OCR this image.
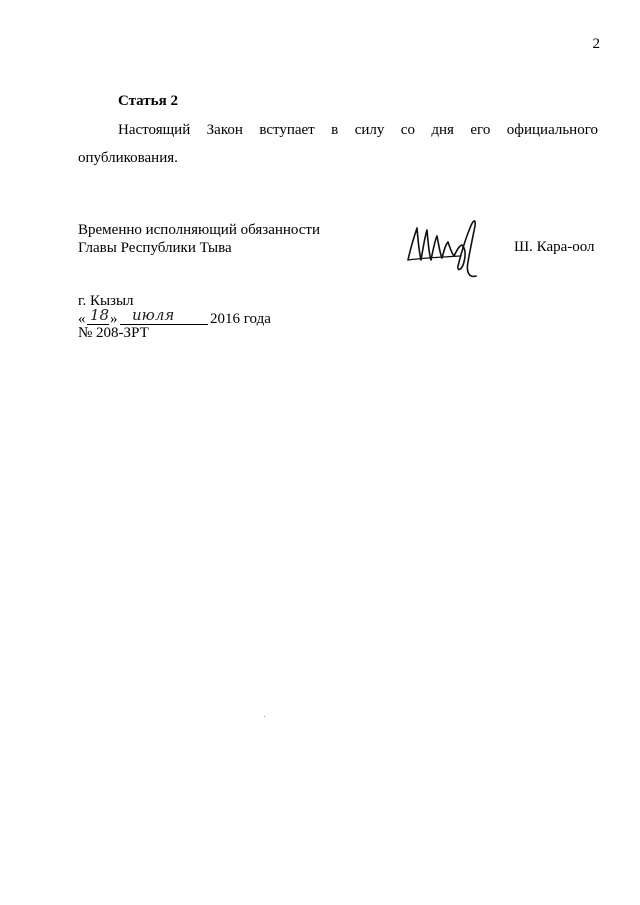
2
Статья 2
Настоящий Закон вступает в силу со дня его официального опубликования.
Временно исполняющий обязанности
Главы Республики Тыва	Ш. Кара-оол
г. Кызыл
« 18 » июля 2016 года
№ 208-ЗРТ
